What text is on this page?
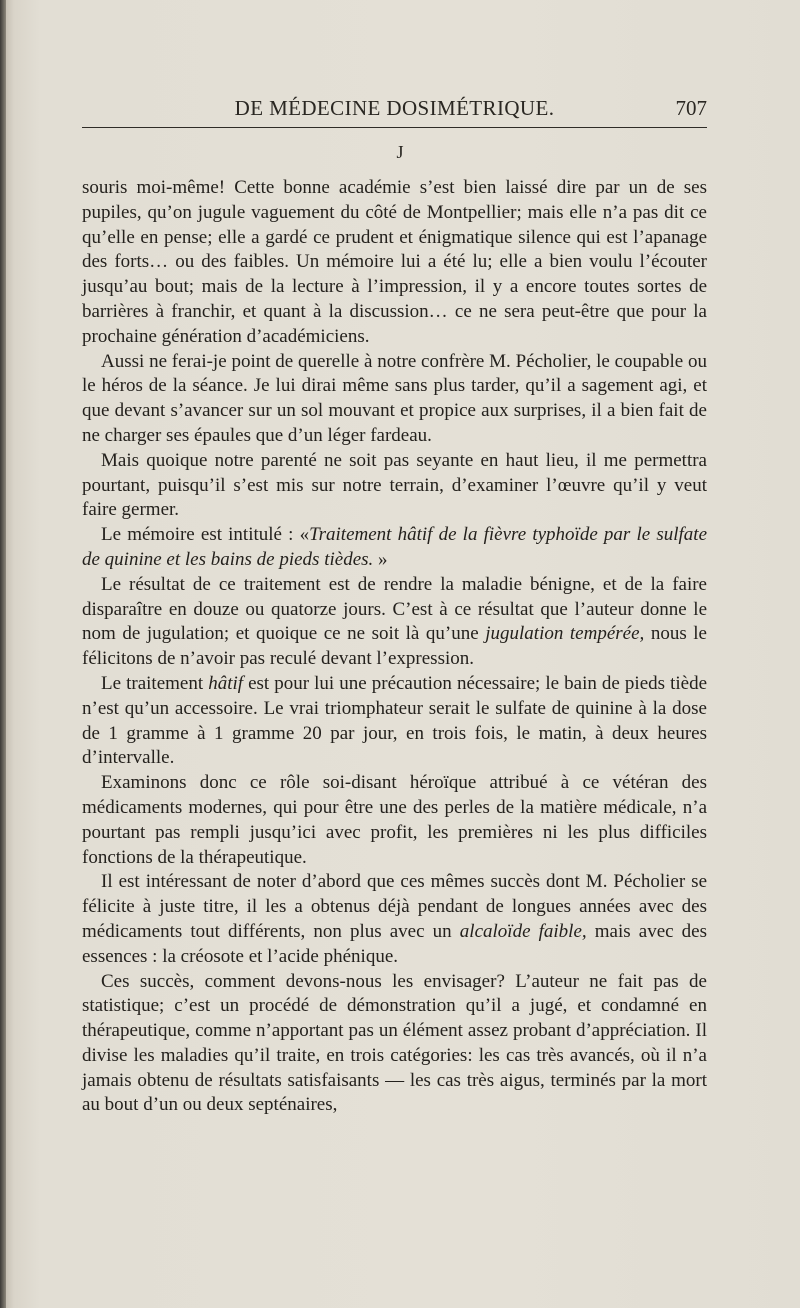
DE MÉDECINE DOSIMÉTRIQUE.	707
J

souris moi-même! Cette bonne académie s’est bien laissé dire par un de ses pupiles, qu’on jugule vaguement du côté de Montpellier; mais elle n’a pas dit ce qu’elle en pense; elle a gardé ce prudent et énigmatique silence qui est l’apanage des forts… ou des faibles. Un mémoire lui a été lu; elle a bien voulu l’écouter jusqu’au bout; mais de la lecture à l’impression, il y a encore toutes sortes de barrières à franchir, et quant à la discussion… ce ne sera peut-être que pour la prochaine génération d’académiciens.

Aussi ne ferai-je point de querelle à notre confrère M. Pécholier, le coupable ou le héros de la séance. Je lui dirai même sans plus tarder, qu’il a sagement agi, et que devant s’avancer sur un sol mouvant et propice aux surprises, il a bien fait de ne charger ses épaules que d’un léger fardeau.

Mais quoique notre parenté ne soit pas seyante en haut lieu, il me permettra pourtant, puisqu’il s’est mis sur notre terrain, d’examiner l’œuvre qu’il y veut faire germer.

Le mémoire est intitulé : «Traitement hâtif de la fièvre typhoïde par le sulfate de quinine et les bains de pieds tièdes. »

Le résultat de ce traitement est de rendre la maladie bénigne, et de la faire disparaître en douze ou quatorze jours. C’est à ce résultat que l’auteur donne le nom de jugulation; et quoique ce ne soit là qu’une jugulation tempérée, nous le félicitons de n’avoir pas reculé devant l’expression.

Le traitement hâtif est pour lui une précaution nécessaire; le bain de pieds tiède n’est qu’un accessoire. Le vrai triomphateur serait le sulfate de quinine à la dose de 1 gramme à 1 gramme 20 par jour, en trois fois, le matin, à deux heures d’intervalle.

Examinons donc ce rôle soi-disant héroïque attribué à ce vétéran des médicaments modernes, qui pour être une des perles de la matière médicale, n’a pourtant pas rempli jusqu’ici avec profit, les premières ni les plus difficiles fonctions de la thérapeutique.

Il est intéressant de noter d’abord que ces mêmes succès dont M. Pécholier se félicite à juste titre, il les a obtenus déjà pendant de longues années avec des médicaments tout différents, non plus avec un alcaloïde faible, mais avec des essences : la créosote et l’acide phénique.

Ces succès, comment devons-nous les envisager? L’auteur ne fait pas de statistique; c’est un procédé de démonstration qu’il a jugé, et condamné en thérapeutique, comme n’apportant pas un élément assez probant d’appréciation. Il divise les maladies qu’il traite, en trois catégories: les cas très avancés, où il n’a jamais obtenu de résultats satisfaisants — les cas très aigus, terminés par la mort au bout d’un ou deux septénaires,
